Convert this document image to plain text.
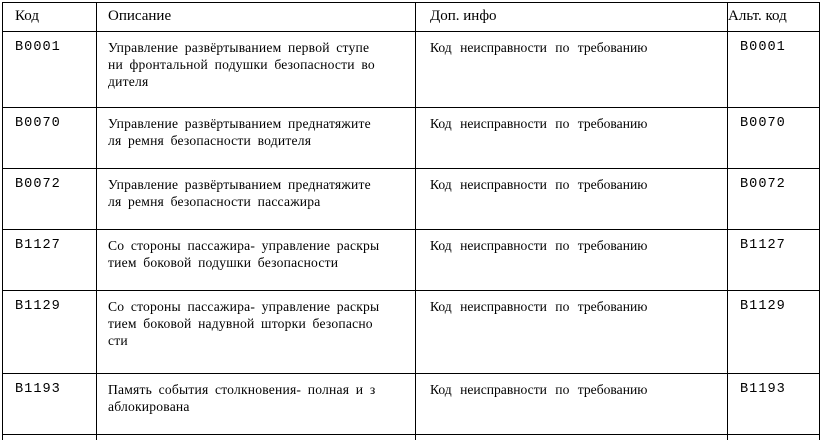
Код	Описание	Доп. инфо	Альт. код
B0001	Управление развёртыванием первой ступе
ни фронтальной подушки безопасности во
дителя	Код неисправности по требованию	B0001
B0070	Управление развёртыванием преднатяжите
ля ремня безопасности водителя	Код неисправности по требованию	B0070
B0072	Управление развёртыванием преднатяжите
ля ремня безопасности пассажира	Код неисправности по требованию	B0072
B1127	Со стороны пассажира- управление раскры
тием боковой подушки безопасности	Код неисправности по требованию	B1127
B1129	Со стороны пассажира- управление раскры
тием боковой надувной шторки безопасно
сти	Код неисправности по требованию	B1129
B1193	Память события столкновения- полная и з
аблокирована	Код неисправности по требованию	B1193
